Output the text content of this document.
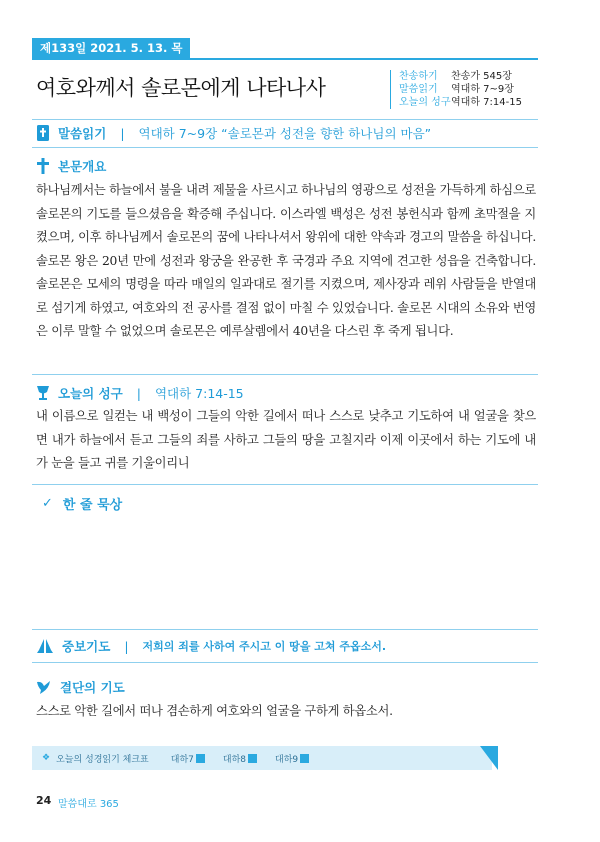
제133일 2021. 5. 13. 목
여호와께서 솔로몬에게 나타나사	찬송하기	찬송가 545장
말씀읽기	역대하 7~9장
오늘의 성구 역대하 7:14-15
말씀읽기 | 역대하 7~9장 “솔로몬과 성전을 향한 하나님의 마음”
본문개요
하나님께서는 하늘에서 불을 내려 제물을 사르시고 하나님의 영광으로 성전을 가득하게 하심으로 솔로몬의 기도를 들으셨음을 확증해 주십니다. 이스라엘 백성은 성전 봉헌식과 함께 초막절을 지켰으며, 이후 하나님께서 솔로몬의 꿈에 나타나셔서 왕위에 대한 약속과 경고의 말씀을 하십니다. 솔로몬 왕은 20년 만에 성전과 왕궁을 완공한 후 국경과 주요 지역에 견고한 성읍을 건축합니다. 솔로몬은 모세의 명령을 따라 매일의 일과대로 절기를 지켰으며, 제사장과 레위 사람들을 반열대로 섬기게 하였고, 여호와의 전 공사를 결점 없이 마칠 수 있었습니다. 솔로몬 시대의 소유와 번영은 이루 말할 수 없었으며 솔로몬은 예루살렘에서 40년을 다스린 후 죽게 됩니다.
오늘의 성구 | 역대하 7:14-15
내 이름으로 일컫는 내 백성이 그들의 악한 길에서 떠나 스스로 낮추고 기도하여 내 얼굴을 찾으면 내가 하늘에서 듣고 그들의 죄를 사하고 그들의 땅을 고칠지라 이제 이곳에서 하는 기도에 내가 눈을 들고 귀를 기울이리니
✓ 한 줄 묵상
중보기도 | 저희의 죄를 사하여 주시고 이 땅을 고쳐 주옵소서.
결단의 기도
스스로 악한 길에서 떠나 겸손하게 여호와의 얼굴을 구하게 하옵소서.
❖ 오늘의 성경읽기 체크표 대하7	대하8	대하9
24 말씀대로 365
